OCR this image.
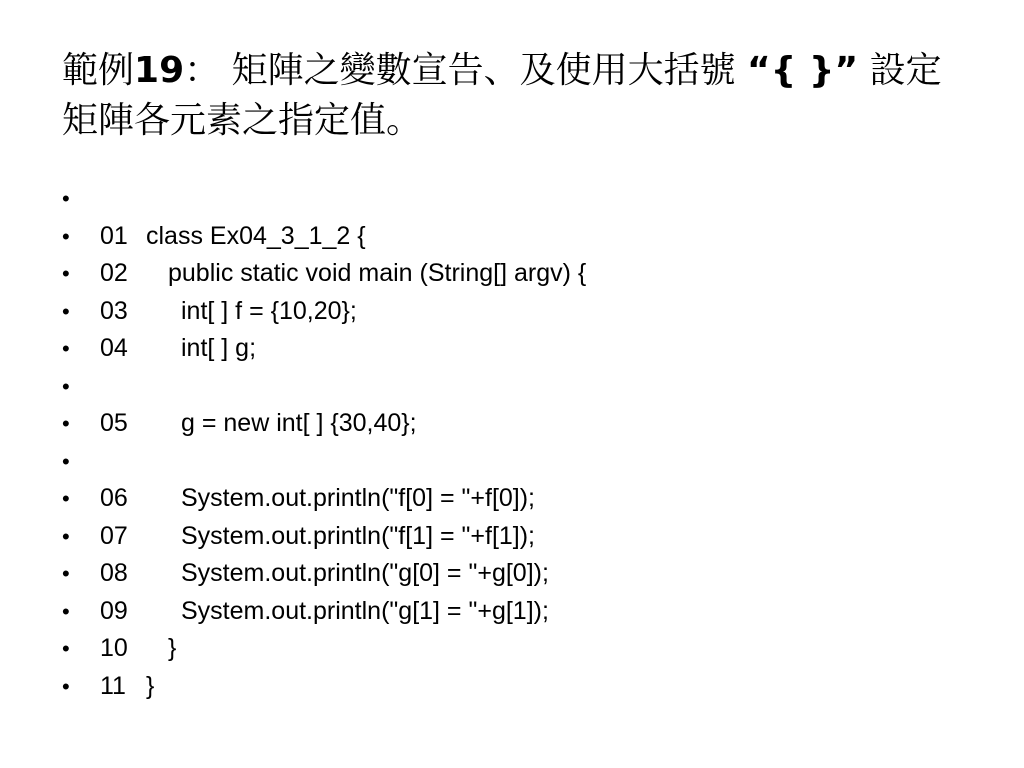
範例19： 矩陣之變數宣告、及使用大括號 “{ }” 設定矩陣各元素之指定值。
•
•	01 class Ex04_3_1_2 {
•	02 public static void main (String[] argv) {
•	03 int[ ] f = {10,20};
•	04 int[ ] g;
•
•	05 g = new int[ ] {30,40};
•
•	06 System.out.println("f[0] = "+f[0]);
•	07 System.out.println("f[1] = "+f[1]);
•	08 System.out.println("g[0] = "+g[0]);
•	09 System.out.println("g[1] = "+g[1]);
•	10 }
•	11 }
